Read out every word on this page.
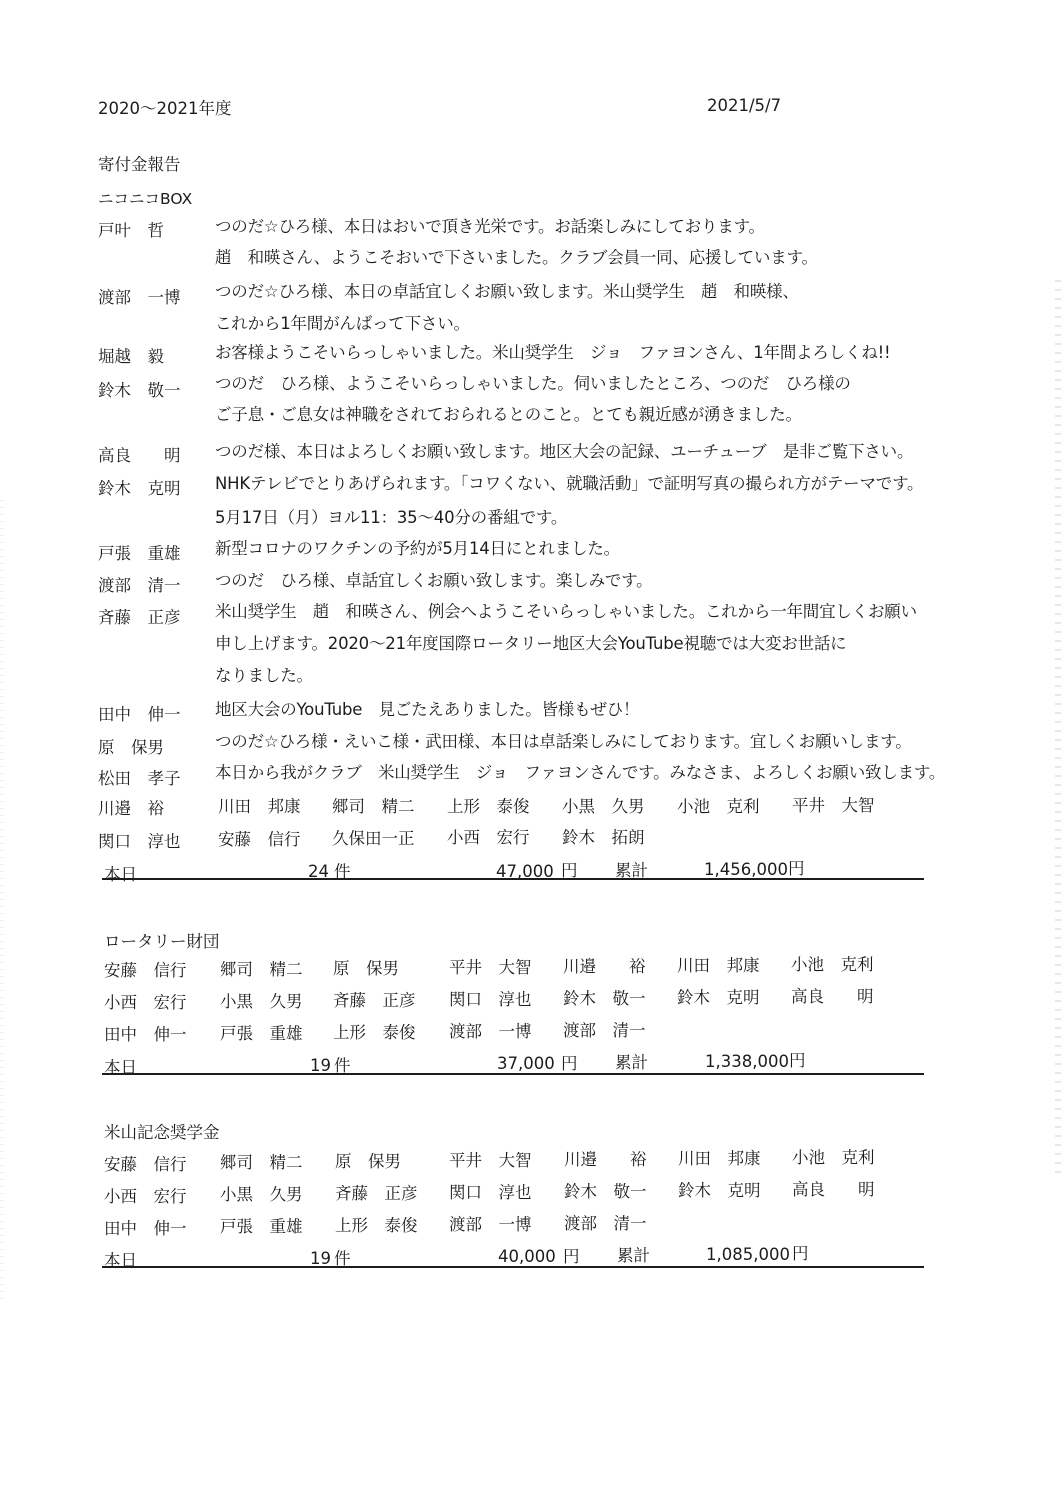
2020～2021年度	2021/5/7
寄付金報告
ニコニコBOX
戸叶　哲	つのだ☆ひろ様、本日はおいで頂き光栄です。お話楽しみにしております。
趙　和暎さん、ようこそおいで下さいました。クラブ会員一同、応援しています。
渡部　一博 つのだ☆ひろ様、本日の卓話宜しくお願い致します。米山奨学生　趙　和暎様、
これから1年間がんばって下さい。
堀越　毅	お客様ようこそいらっしゃいました。米山奨学生　ジョ　ファヨンさん、1年間よろしくね!!
鈴木　敬一 つのだ　ひろ様、ようこそいらっしゃいました。伺いましたところ、つのだ　ひろ様の
ご子息・ご息女は神職をされておられるとのこと。とても親近感が湧きました。
高良　　明 つのだ様、本日はよろしくお願い致します。地区大会の記録、ユーチューブ　是非ご覧下さい。
鈴木　克明 NHKテレビでとりあげられます。「コワくない、就職活動」で証明写真の撮られ方がテーマです。
5月17日（月）ヨル11：35～40分の番組です。
戸張　重雄 新型コロナのワクチンの予約が5月14日にとれました。
渡部　清一 つのだ　ひろ様、卓話宜しくお願い致します。楽しみです。
斉藤　正彦 米山奨学生　趙　和暎さん、例会へようこそいらっしゃいました。これから一年間宜しくお願い
申し上げます。2020～21年度国際ロータリー地区大会YouTube視聴では大変お世話に
なりました。
田中　伸一 地区大会のYouTube　見ごたえありました。皆様もぜひ！
原　保男	つのだ☆ひろ様・えいこ様・武田様、本日は卓話楽しみにしております。宜しくお願いします。
松田　孝子 本日から我がクラブ　米山奨学生　ジョ　ファヨンさんです。みなさま、よろしくお願い致します。
川邉　裕	川田　邦康 郷司　精二 上形　泰俊 小黒　久男 小池　克利 平井　大智
関口　淳也 安藤　信行 久保田一正 小西　宏行 鈴木　拓朗
本日	24 件	47,000 円 累計	1,456,000 円
ロータリー財団
安藤　信行 郷司　精二 原　保男	平井　大智 川邉　　裕 川田　邦康 小池　克利
小西　宏行 小黒　久男 斉藤　正彦 関口　淳也 鈴木　敬一 鈴木　克明 高良　　明
田中　伸一 戸張　重雄 上形　泰俊 渡部　一博 渡部　清一
本日	19 件	37,000 円 累計	1,338,000 円
米山記念奨学金
安藤　信行 郷司　精二 原　保男	平井　大智 川邉　　裕 川田　邦康 小池　克利
小西　宏行 小黒　久男 斉藤　正彦 関口　淳也 鈴木　敬一 鈴木　克明 高良　　明
田中　伸一 戸張　重雄 上形　泰俊 渡部　一博 渡部　清一
本日	19 件	40,000 円 累計	1,085,000 円
